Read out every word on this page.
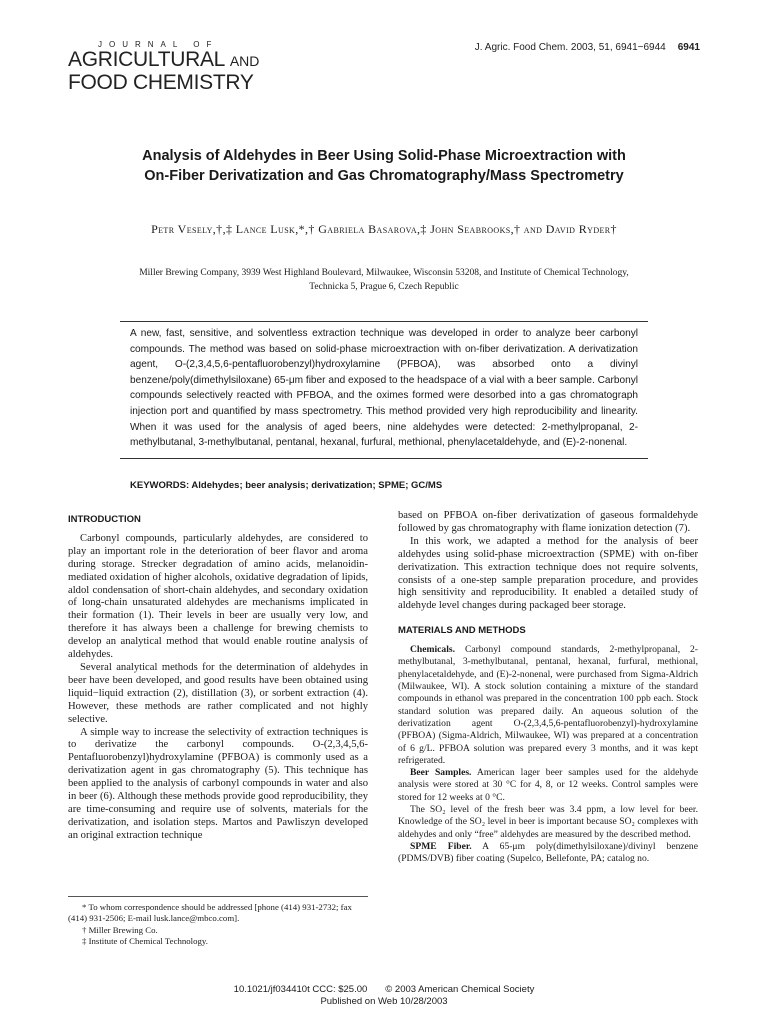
JOURNAL OF
AGRICULTURAL AND
FOOD CHEMISTRY
J. Agric. Food Chem. 2003, 51, 6941−6944 6941
Analysis of Aldehydes in Beer Using Solid-Phase Microextraction with On-Fiber Derivatization and Gas Chromatography/Mass Spectrometry
Petr Vesely,†,‡ Lance Lusk,*,† Gabriela Basarova,‡ John Seabrooks,† and David Ryder†
Miller Brewing Company, 3939 West Highland Boulevard, Milwaukee, Wisconsin 53208, and Institute of Chemical Technology, Technicka 5, Prague 6, Czech Republic
A new, fast, sensitive, and solventless extraction technique was developed in order to analyze beer carbonyl compounds. The method was based on solid-phase microextraction with on-fiber derivatization. A derivatization agent, O-(2,3,4,5,6-pentafluorobenzyl)hydroxylamine (PFBOA), was absorbed onto a divinyl benzene/poly(dimethylsiloxane) 65-μm fiber and exposed to the headspace of a vial with a beer sample. Carbonyl compounds selectively reacted with PFBOA, and the oximes formed were desorbed into a gas chromatograph injection port and quantified by mass spectrometry. This method provided very high reproducibility and linearity. When it was used for the analysis of aged beers, nine aldehydes were detected: 2-methylpropanal, 2-methylbutanal, 3-methylbutanal, pentanal, hexanal, furfural, methional, phenylacetaldehyde, and (E)-2-nonenal.
KEYWORDS: Aldehydes; beer analysis; derivatization; SPME; GC/MS
INTRODUCTION

Carbonyl compounds, particularly aldehydes, are considered to play an important role in the deterioration of beer flavor and aroma during storage. Strecker degradation of amino acids, melanoidin-mediated oxidation of higher alcohols, oxidative degradation of lipids, aldol condensation of short-chain aldehydes, and secondary oxidation of long-chain unsaturated aldehydes are mechanisms implicated in their formation (1). Their levels in beer are usually very low, and therefore it has always been a challenge for brewing chemists to develop an analytical method that would enable routine analysis of aldehydes.

Several analytical methods for the determination of aldehydes in beer have been developed, and good results have been obtained using liquid−liquid extraction (2), distillation (3), or sorbent extraction (4). However, these methods are rather complicated and not highly selective.

A simple way to increase the selectivity of extraction techniques is to derivatize the carbonyl compounds. O-(2,3,4,5,6-Pentafluorobenzyl)hydroxylamine (PFBOA) is commonly used as a derivatization agent in gas chromatography (5). This technique has been applied to the analysis of carbonyl compounds in water and also in beer (6). Although these methods provide good reproducibility, they are time-consuming and require use of solvents, materials for the derivatization, and isolation steps. Martos and Pawliszyn developed an original extraction technique

* To whom correspondence should be addressed [phone (414) 931-2732; fax (414) 931-2506; E-mail lusk.lance@mbco.com].

† Miller Brewing Co.

‡ Institute of Chemical Technology.

based on PFBOA on-fiber derivatization of gaseous formaldehyde followed by gas chromatography with flame ionization detection (7).

In this work, we adapted a method for the analysis of beer aldehydes using solid-phase microextraction (SPME) with on-fiber derivatization. This extraction technique does not require solvents, consists of a one-step sample preparation procedure, and provides high sensitivity and reproducibility. It enabled a detailed study of aldehyde level changes during packaged beer storage.

MATERIALS AND METHODS

Chemicals. Carbonyl compound standards, 2-methylpropanal, 2-methylbutanal, 3-methylbutanal, pentanal, hexanal, furfural, methional, phenylacetaldehyde, and (E)-2-nonenal, were purchased from Sigma-Aldrich (Milwaukee, WI). A stock solution containing a mixture of the standard compounds in ethanol was prepared in the concentration 100 ppb each. Stock standard solution was prepared daily. An aqueous solution of the derivatization agent O-(2,3,4,5,6-pentafluorobenzyl)-hydroxylamine (PFBOA) (Sigma-Aldrich, Milwaukee, WI) was prepared at a concentration of 6 g/L. PFBOA solution was prepared every 3 months, and it was kept refrigerated.

Beer Samples. American lager beer samples used for the aldehyde analysis were stored at 30 °C for 4, 8, or 12 weeks. Control samples were stored for 12 weeks at 0 °C.

The SO₂ level of the fresh beer was 3.4 ppm, a low level for beer. Knowledge of the SO₂ level in beer is important because SO₂ complexes with aldehydes and only “free” aldehydes are measured by the described method.

SPME Fiber. A 65-μm poly(dimethylsiloxane)/divinyl benzene (PDMS/DVB) fiber coating (Supelco, Bellefonte, PA; catalog no.

10.1021/jf034410t CCC: $25.00 © 2003 American Chemical Society
Published on Web 10/28/2003
